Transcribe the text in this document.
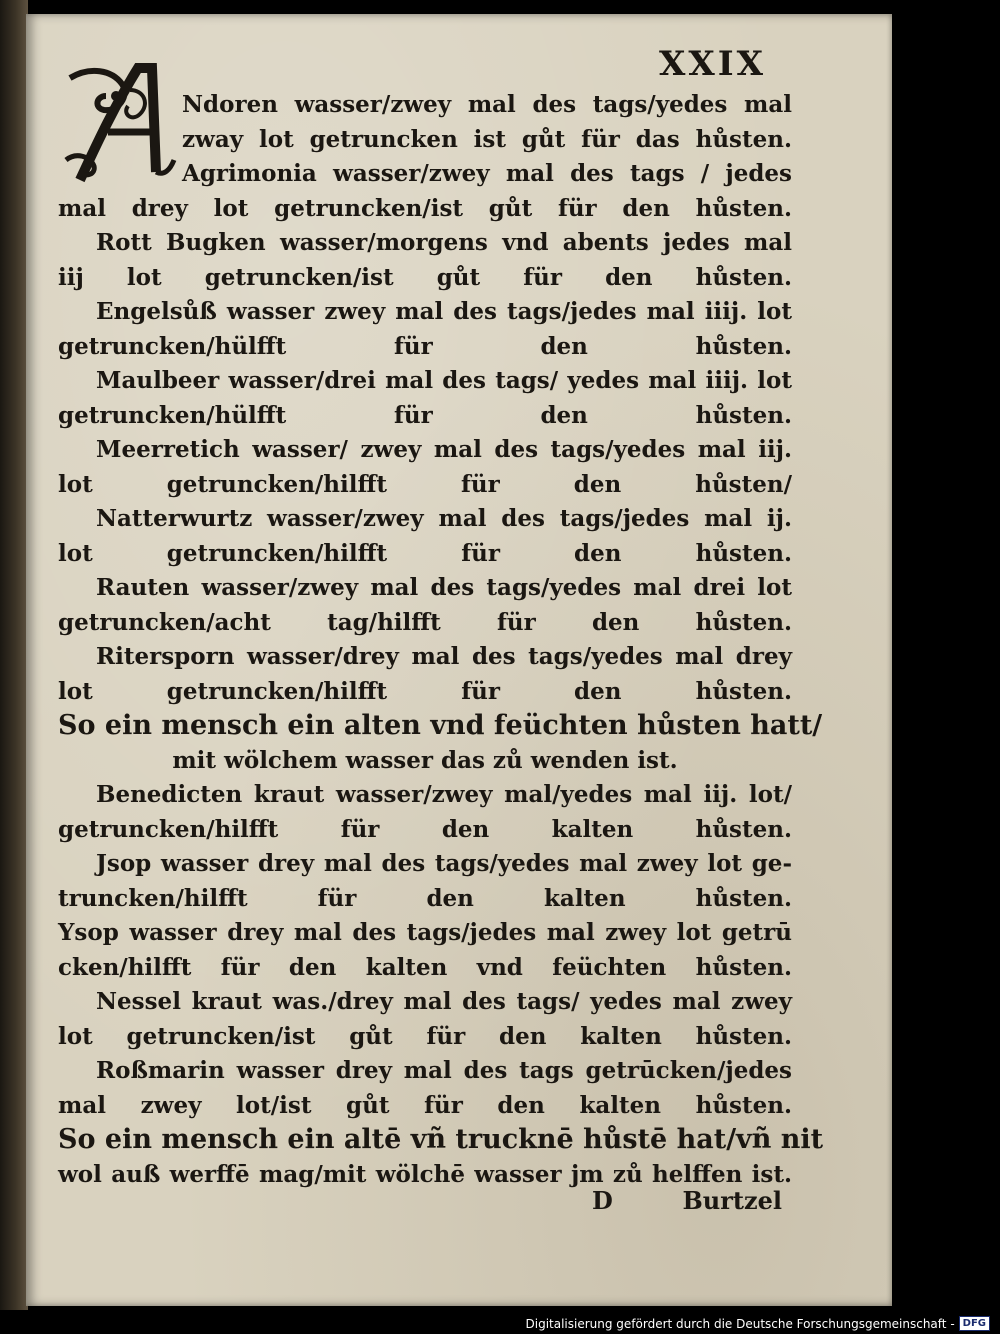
XXIX
Ndoren wasser/zwey mal des tags/yedes mal
zway lot getruncken ist gůt für das hůsten.
Agrimonia wasser/zwey mal des tags / jedes
mal drey lot getruncken/ist gůt für den hůsten.
Rott Bugken wasser/morgens vnd abents jedes mal
iij lot getruncken/ist gůt für den hůsten.
Engelsůß wasser zwey mal des tags/jedes mal iiij. lot
getruncken/hülfft für den hůsten.
Maulbeer wasser/drei mal des tags/ yedes mal iiij. lot
getruncken/hülfft für den hůsten.
Meerretich wasser/ zwey mal des tags/yedes mal iij.
lot getruncken/hilfft für den hůsten/
Natterwurtz wasser/zwey mal des tags/jedes mal ij.
lot getruncken/hilfft für den hůsten.
Rauten wasser/zwey mal des tags/yedes mal drei lot
getruncken/acht tag/hilfft für den hůsten.
Ritersporn wasser/drey mal des tags/yedes mal drey
lot getruncken/hilfft für den hůsten.
So ein mensch ein alten vnd feüchten hůsten hatt/
mit wölchem wasser das zů wenden ist.
Benedicten kraut wasser/zwey mal/yedes mal iij. lot/
getruncken/hilfft für den kalten hůsten.
Jsop wasser drey mal des tags/yedes mal zwey lot ge-
truncken/hilfft für den kalten hůsten.
Ysop wasser drey mal des tags/jedes mal zwey lot getrū
cken/hilfft für den kalten vnd feüchten hůsten.
Nessel kraut was./drey mal des tags/ yedes mal zwey
lot getruncken/ist gůt für den kalten hůsten.
Roßmarin wasser drey mal des tags getrūcken/jedes
mal zwey lot/ist gůt für den kalten hůsten.
So ein mensch ein altē vñ trucknē hůstē hat/vñ nit
wol auß werffē mag/mit wölchē wasser jm zů helffen ist.
D	Burtzel
Digitalisierung gefördert durch die Deutsche Forschungsgemeinschaft - DFG
